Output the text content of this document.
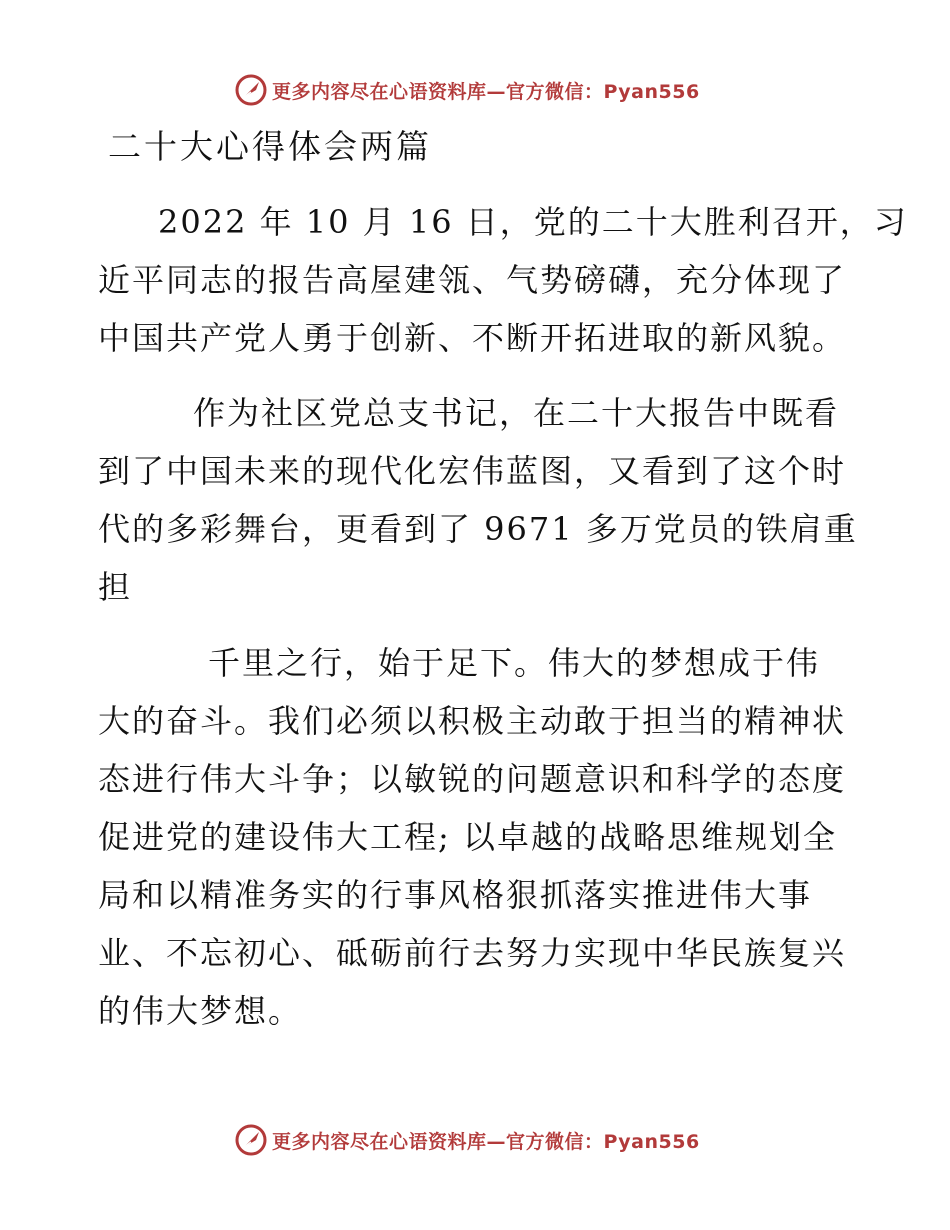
更多内容尽在心语资料库—官方微信：Pyan556
二十大心得体会两篇

2022 年 10 月 16 日，党的二十大胜利召开，习
近平同志的报告高屋建瓴、气势磅礴，充分体现了
中国共产党人勇于创新、不断开拓进取的新风貌。

作为社区党总支书记，在二十大报告中既看
到了中国未来的现代化宏伟蓝图，又看到了这个时
代的多彩舞台，更看到了 9671 多万党员的铁肩重
担

千里之行，始于足下。伟大的梦想成于伟
大的奋斗。我们必须以积极主动敢于担当的精神状
态进行伟大斗争；以敏锐的问题意识和科学的态度
促进党的建设伟大工程; 以卓越的战略思维规划全
局和以精准务实的行事风格狠抓落实推进伟大事
业、不忘初心、砥砺前行去努力实现中华民族复兴
的伟大梦想。

更多内容尽在心语资料库—官方微信：Pyan556
